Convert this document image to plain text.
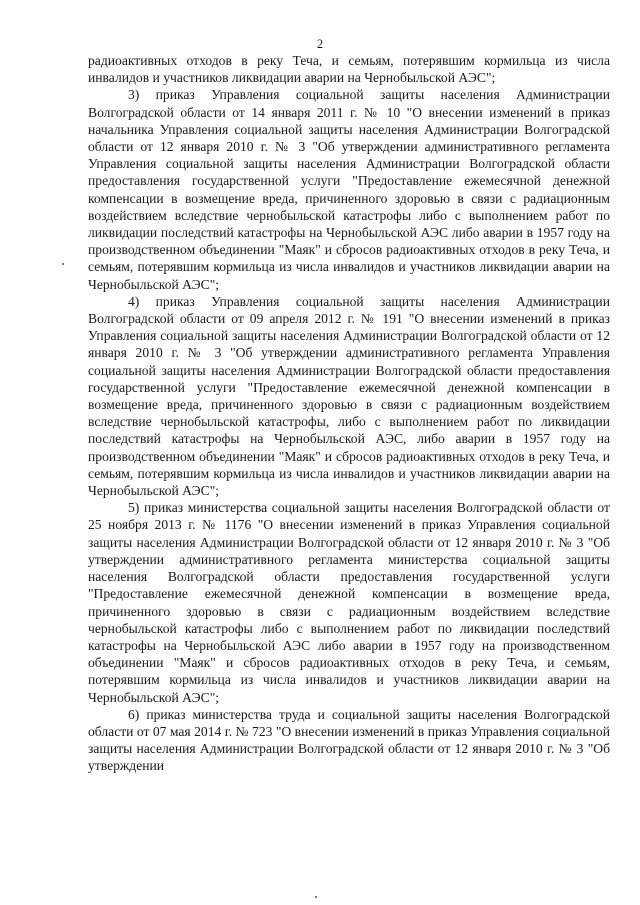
2

радиоактивных отходов в реку Теча, и семьям, потерявшим кормильца из числа инвалидов и участников ликвидации аварии на Чернобыльской АЭС";

3) приказ Управления социальной защиты населения Администрации Волгоградской области от 14 января 2011 г. № 10 "О внесении изменений в приказ начальника Управления социальной защиты населения Администрации Волгоградской области от 12 января 2010 г. № 3 "Об утверждении административного регламента Управления социальной защиты населения Администрации Волгоградской области предоставления государственной услуги "Предоставление ежемесячной денежной компенсации в возмещение вреда, причиненного здоровью в связи с радиационным воздействием вследствие чернобыльской катастрофы либо с выполнением работ по ликвидации последствий катастрофы на Чернобыльской АЭС либо аварии в 1957 году на производственном объединении "Маяк" и сбросов радиоактивных отходов в реку Теча, и семьям, потерявшим кормильца из числа инвалидов и участников ликвидации аварии на Чернобыльской АЭС";

4) приказ Управления социальной защиты населения Администрации Волгоградской области от 09 апреля 2012 г. № 191 "О внесении изменений в приказ Управления социальной защиты населения Администрации Волгоградской области от 12 января 2010 г. № 3 "Об утверждении административного регламента Управления социальной защиты населения Администрации Волгоградской области предоставления государственной услуги "Предоставление ежемесячной денежной компенсации в возмещение вреда, причиненного здоровью в связи с радиационным воздействием вследствие чернобыльской катастрофы, либо с выполнением работ по ликвидации последствий катастрофы на Чернобыльской АЭС, либо аварии в 1957 году на производственном объединении "Маяк" и сбросов радиоактивных отходов в реку Теча, и семьям, потерявшим кормильца из числа инвалидов и участников ликвидации аварии на Чернобыльской АЭС";

5) приказ министерства социальной защиты населения Волгоградской области от 25 ноября 2013 г. № 1176 "О внесении изменений в приказ Управления социальной защиты населения Администрации Волгоградской области от 12 января 2010 г. № 3 "Об утверждении административного регламента министерства социальной защиты населения Волгоградской области предоставления государственной услуги "Предоставление ежемесячной денежной компенсации в возмещение вреда, причиненного здоровью в связи с радиационным воздействием вследствие чернобыльской катастрофы либо с выполнением работ по ликвидации последствий катастрофы на Чернобыльской АЭС либо аварии в 1957 году на производственном объединении "Маяк" и сбросов радиоактивных отходов в реку Теча, и семьям, потерявшим кормильца из числа инвалидов и участников ликвидации аварии на Чернобыльской АЭС";

6) приказ министерства труда и социальной защиты населения Волгоградской области от 07 мая 2014 г. № 723 "О внесении изменений в приказ Управления социальной защиты населения Администрации Волгоградской области от 12 января 2010 г. № 3 "Об утверждении
